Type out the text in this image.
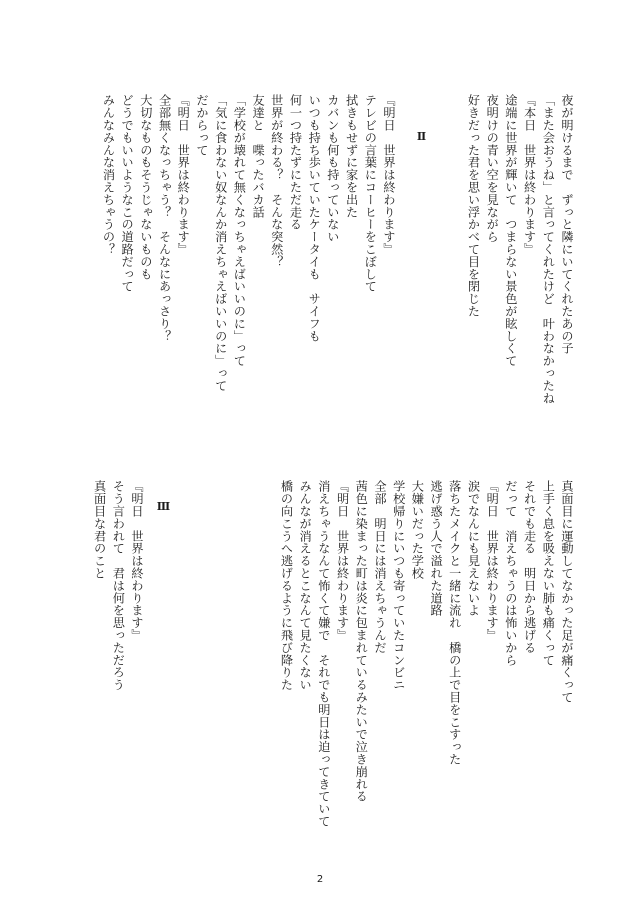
夜が明けるまで　ずっと隣にいてくれたあの子
「また会おうね」と言ってくれたけど　叶わなかったね
『本日　世界は終わります』
途端に世界が輝いて　つまらない景色が眩しくて
夜明けの青い空を見ながら
好きだった君を思い浮かべて目を閉じた
Ⅱ
『明日　世界は終わります』
テレビの言葉にコーヒーをこぼして
拭きもせずに家を出た
カバンも何も持っていない
いつも持ち歩いていたケータイも　サイフも
何一つ持たずにただ走る
世界が終わる？　そんな突然？
友達と　喋ったバカ話
「学校が壊れて無くなっちゃえばいいのに」って
「気に食わない奴なんか消えちゃえばいいのに」って
だからって
『明日　世界は終わります』
全部無くなっちゃう？　そんなにあっさり？
大切なものもそうじゃないものも
どうでもいいようなこの道路だって
みんなみんな消えちゃうの？
真面目に運動してなかった足が痛くって
上手く息を吸えない肺も痛くって
それでも走る　明日から逃げる
だって　消えちゃうのは怖いから
『明日　世界は終わります』
涙でなんにも見えないよ
落ちたメイクと一緒に流れ　橋の上で目をこすった
逃げ惑う人で溢れた道路
大嫌いだった学校
学校帰りにいつも寄っていたコンビニ
全部　明日には消えちゃうんだ
茜色に染まった町は炎に包まれているみたいで泣き崩れる
『明日　世界は終わります』
消えちゃうなんて怖くて嫌で　それでも明日は迫ってきていて
みんなが消えるとこなんて見たくない
橋の向こうへ逃げるように飛び降りた
Ⅲ
『明日　世界は終わります』
そう言われて　君は何を思っただろう
真面目な君のこと
2
